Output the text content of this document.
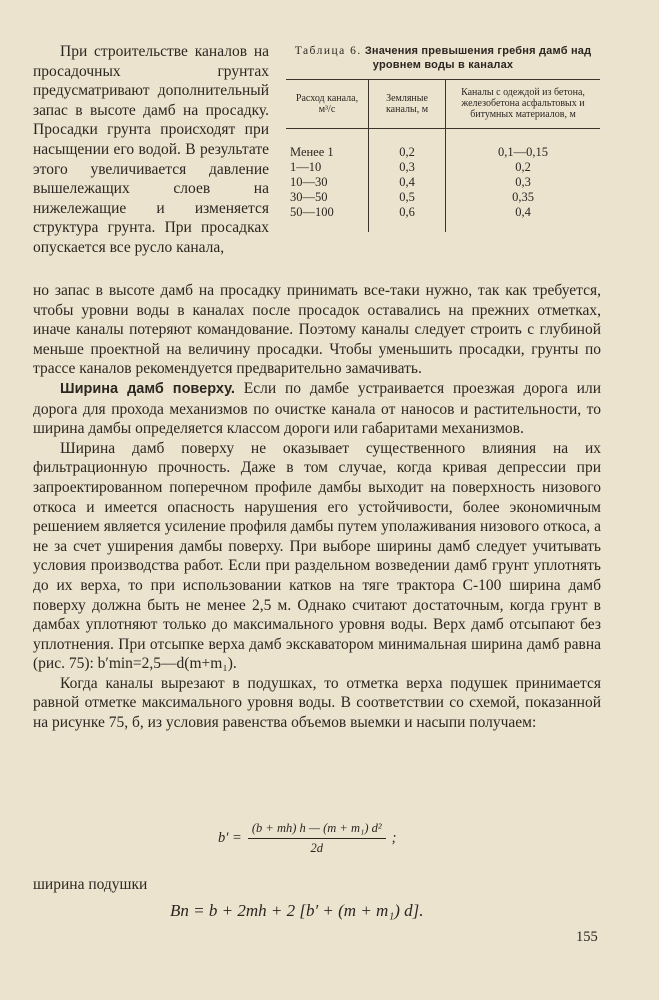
При строительстве каналов на просадочных грунтах предусматривают дополнительный запас в высоте дамб на просадку. Просадки грунта происходят при насыщении его водой. В результате этого увеличивается давление вышележащих слоев на нижележащие и изменяется структура грунта. При просадках опускается все русло канала,

Таблица 6. Значения превышения гребня дамб над уровнем воды в каналах
Расход канала, м³/с	Земляные каналы, м	Каналы с одеждой из бетона, железобетона асфальтовых и битумных материалов, м
Менее 1	0,2	0,1—0,15
1—10	0,3	0,2
10—30	0,4	0,3
30—50	0,5	0,35
50—100	0,6	0,4

но запас в высоте дамб на просадку принимать все-таки нужно, так как требуется, чтобы уровни воды в каналах после просадок оставались на прежних отметках, иначе каналы потеряют командование. Поэтому каналы следует строить с глубиной меньше проектной на величину просадки. Чтобы уменьшить просадки, грунты по трассе каналов рекомендуется предварительно замачивать.

Ширина дамб поверху. Если по дамбе устраивается проезжая дорога или дорога для прохода механизмов по очистке канала от наносов и растительности, то ширина дамбы определяется классом дороги или габаритами механизмов.

Ширина дамб поверху не оказывает существенного влияния на их фильтрационную прочность. Даже в том случае, когда кривая депрессии при запроектированном поперечном профиле дамбы выходит на поверхность низового откоса и имеется опасность нарушения его устойчивости, более экономичным решением является усиление профиля дамбы путем уполаживания низового откоса, а не за счет уширения дамбы поверху. При выборе ширины дамб следует учитывать условия производства работ. Если при раздельном возведении дамб грунт уплотнять до их верха, то при использовании катков на тяге трактора С-100 ширина дамб поверху должна быть не менее 2,5 м. Однако считают достаточным, когда грунт в дамбах уплотняют только до максимального уровня воды. Верх дамб отсыпают без уплотнения. При отсыпке верха дамб экскаватором минимальная ширина дамб равна (рис. 75): b′min=2,5—d(m+m₁).

Когда каналы вырезают в подушках, то отметка верха подушек принимается равной отметке максимального уровня воды. В соответствии со схемой, показанной на рисунке 75, б, из условия равенства объемов выемки и насыпи получаем:

$b' = \frac{\text{(b + mh) h — (m + m₁) d²}}{2d}$ ;
ширина подушки
Bп = b + 2mh + 2 [b′ + (m + m₁) d].
155
